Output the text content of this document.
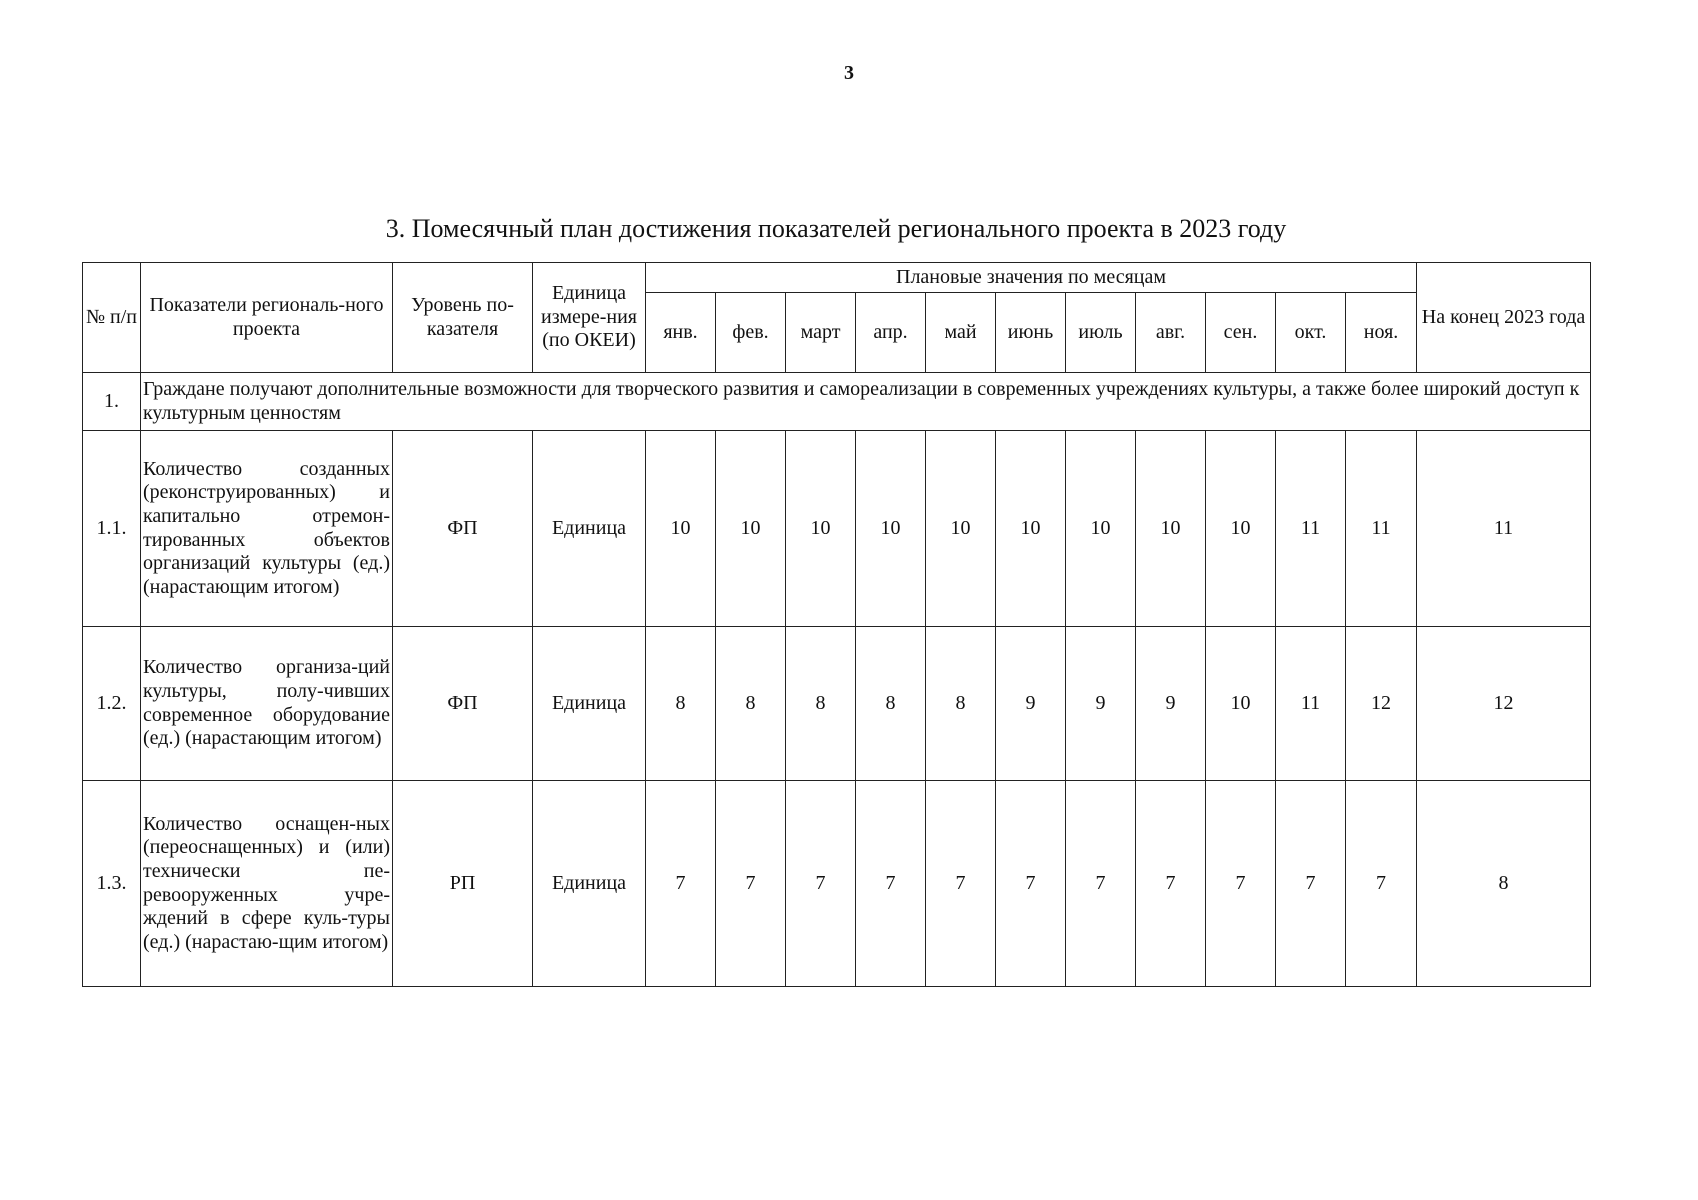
3
3. Помесячный план достижения показателей регионального проекта в 2023 году
№ п/п	Показатели региональ-ного проекта	Уровень по-казателя	Единица измере-ния (по ОКЕИ)	Плановые значения по месяцам											На конец 2023 года
				янв.	фев.	март	апр.	май	июнь	июль	авг.	сен.	окт.	ноя.	
1.	Граждане получают дополнительные возможности для творческого развития и самореализации в современных учреждениях культуры, а также более широкий доступ к культурным ценностям														
1.1.	Количество созданных (реконструированных) и капитально отремон-тированных объектов организаций культуры (ед.) (нарастающим итогом)	ФП	Единица	10	10	10	10	10	10	10	10	10	11	11	11
1.2.	Количество организа-ций культуры, полу-чивших современное оборудование (ед.) (нарастающим итогом)	ФП	Единица	8	8	8	8	8	9	9	9	10	11	12	12
1.3.	Количество оснащен-ных (переоснащенных) и (или) технически пе-ревооруженных учре-ждений в сфере куль-туры (ед.) (нарастаю-щим итогом)	РП	Единица	7	7	7	7	7	7	7	7	7	7	7	8
